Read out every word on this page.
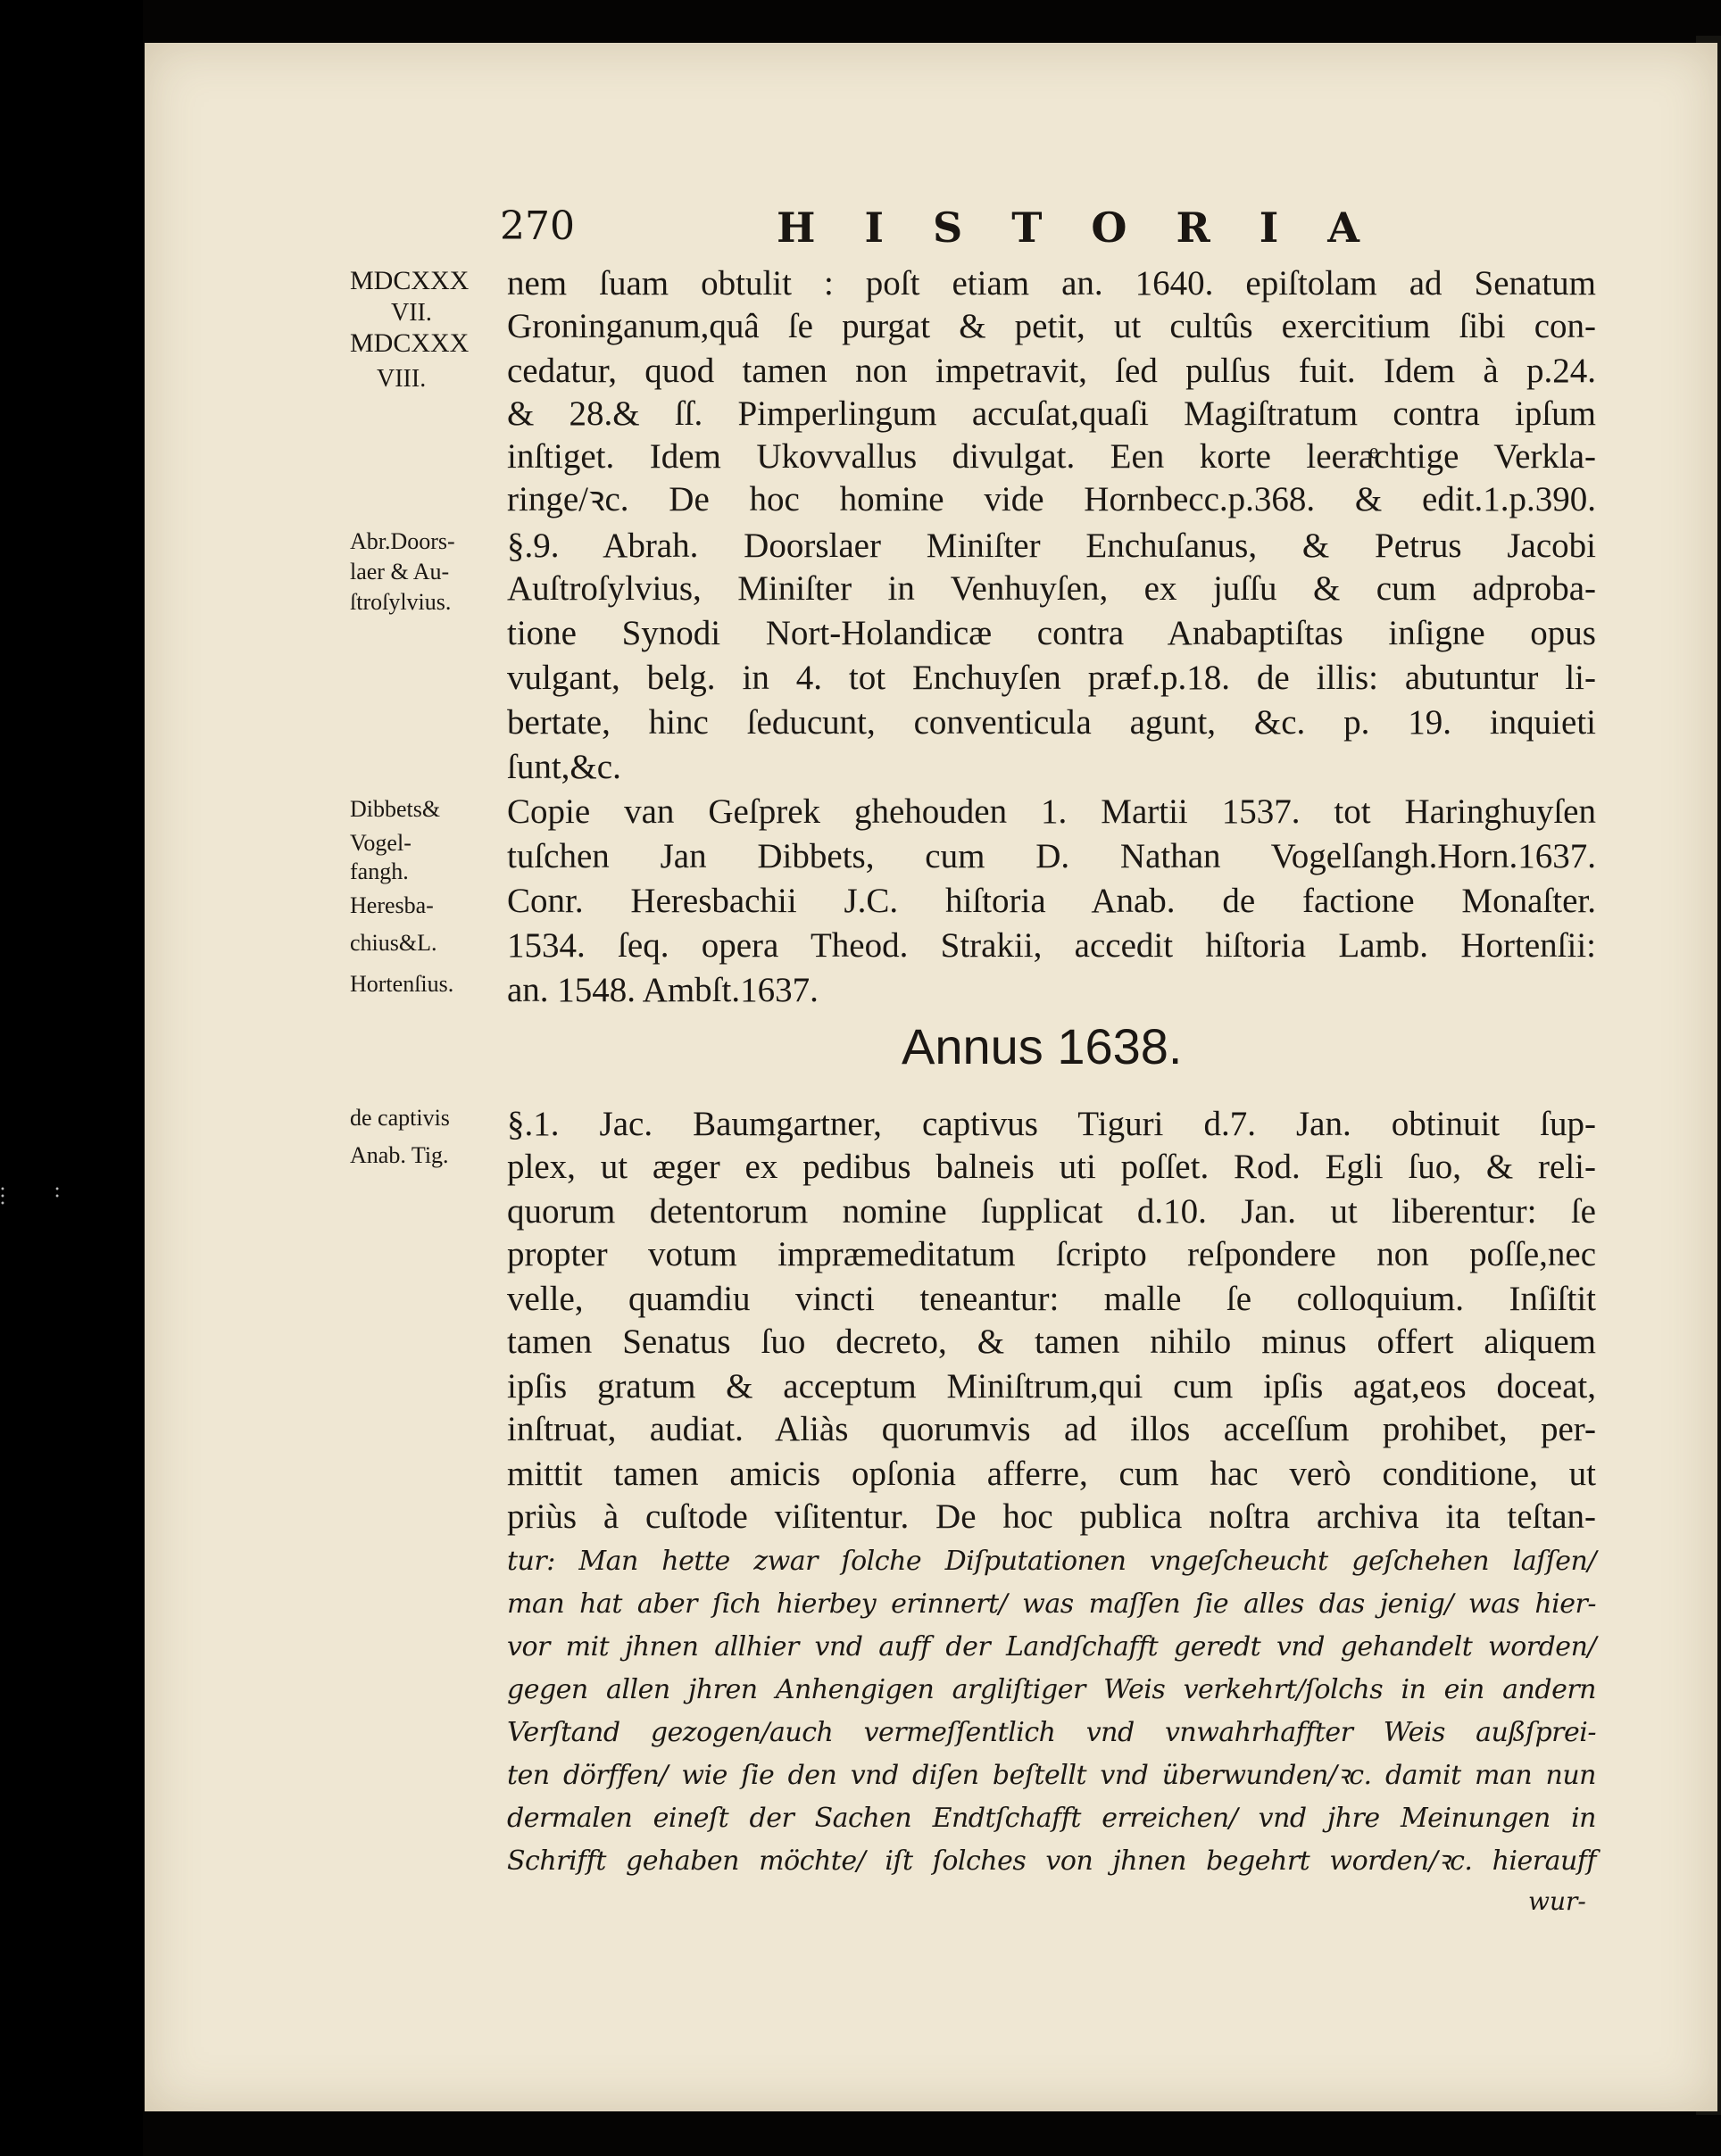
• • • • •
270	HISTORIA
MDCXXX
VII.
MDCXXX
VIII.
Abr.Doors-
laer & Au-
ſtroſylvius.
Dibbets&
Vogel-
fangh.
Heresba-
chius&L.
Hortenſius.
de captivis
Anab. Tig.
Annus 1638.
nem ſuam obtulit : poſt etiam an. 1640. epiſtolam ad Senatum
Groninganum,quâ ſe purgat & petit, ut cultûs exercitium ſibi con-
cedatur, quod tamen non impetravit, ſed pulſus fuit. Idem à p.24.
& 28.& ſſ. Pimperlingum accuſat,quaſi Magiſtratum contra ipſum
inſtiget. Idem Ukovvallus divulgat. Een korte leeraͤchtige Verkla-
ringe/ꝛc. De hoc homine vide Hornbecc.p.368. & edit.1.p.390.
§.9. Abrah. Doorslaer Miniſter Enchuſanus, & Petrus Jacobi
Auſtroſylvius, Miniſter in Venhuyſen, ex juſſu & cum adproba-
tione Synodi Nort-Holandicæ contra Anabaptiſtas inſigne opus
vulgant, belg. in 4. tot Enchuyſen præf.p.18. de illis: abutuntur li-
bertate, hinc ſeducunt, conventicula agunt, &c. p. 19. inquieti
ſunt,&c.
Copie van Geſprek ghehouden 1. Martii 1537. tot Haringhuyſen
tuſchen Jan Dibbets, cum D. Nathan Vogelſangh.Horn.1637.
Conr. Heresbachii J.C. hiſtoria Anab. de factione Monaſter.
1534. ſeq. opera Theod. Strakii, accedit hiſtoria Lamb. Hortenſii:
an. 1548. Ambſt.1637.
§.1. Jac. Baumgartner, captivus Tiguri d.7. Jan. obtinuit ſup-
plex, ut æger ex pedibus balneis uti poſſet. Rod. Egli ſuo, & reli-
quorum detentorum nomine ſupplicat d.10. Jan. ut liberentur: ſe
propter votum impræmeditatum ſcripto reſpondere non poſſe,nec
velle, quamdiu vincti teneantur: malle ſe colloquium. Inſiſtit
tamen Senatus ſuo decreto, & tamen nihilo minus offert aliquem
ipſis gratum & acceptum Miniſtrum,qui cum ipſis agat,eos doceat,
inſtruat, audiat. Aliàs quorumvis ad illos acceſſum prohibet, per-
mittit tamen amicis opſonia afferre, cum hac verò conditione, ut
priùs à cuſtode viſitentur. De hoc publica noſtra archiva ita teſtan-
tur: Man hette zwar ſolche Diſputationen vngeſcheucht geſchehen laſſen/
man hat aber ſich hierbey erinnert/ was maſſen ſie alles das jenig/ was hier-
vor mit jhnen allhier vnd auff der Landſchafft geredt vnd gehandelt worden/
gegen allen jhren Anhengigen argliſtiger Weis verkehrt/ſolchs in ein andern
Verſtand gezogen/auch vermeſſentlich vnd vnwahrhaffter Weis außſprei-
ten dörffen/ wie ſie den vnd diſen beſtellt vnd überwunden/ꝛc. damit man nun
dermalen eineſt der Sachen Endtſchafft erreichen/ vnd jhre Meinungen in
Schrifft gehaben möchte/ iſt ſolches von jhnen begehrt worden/ꝛc. hierauff
wur-
